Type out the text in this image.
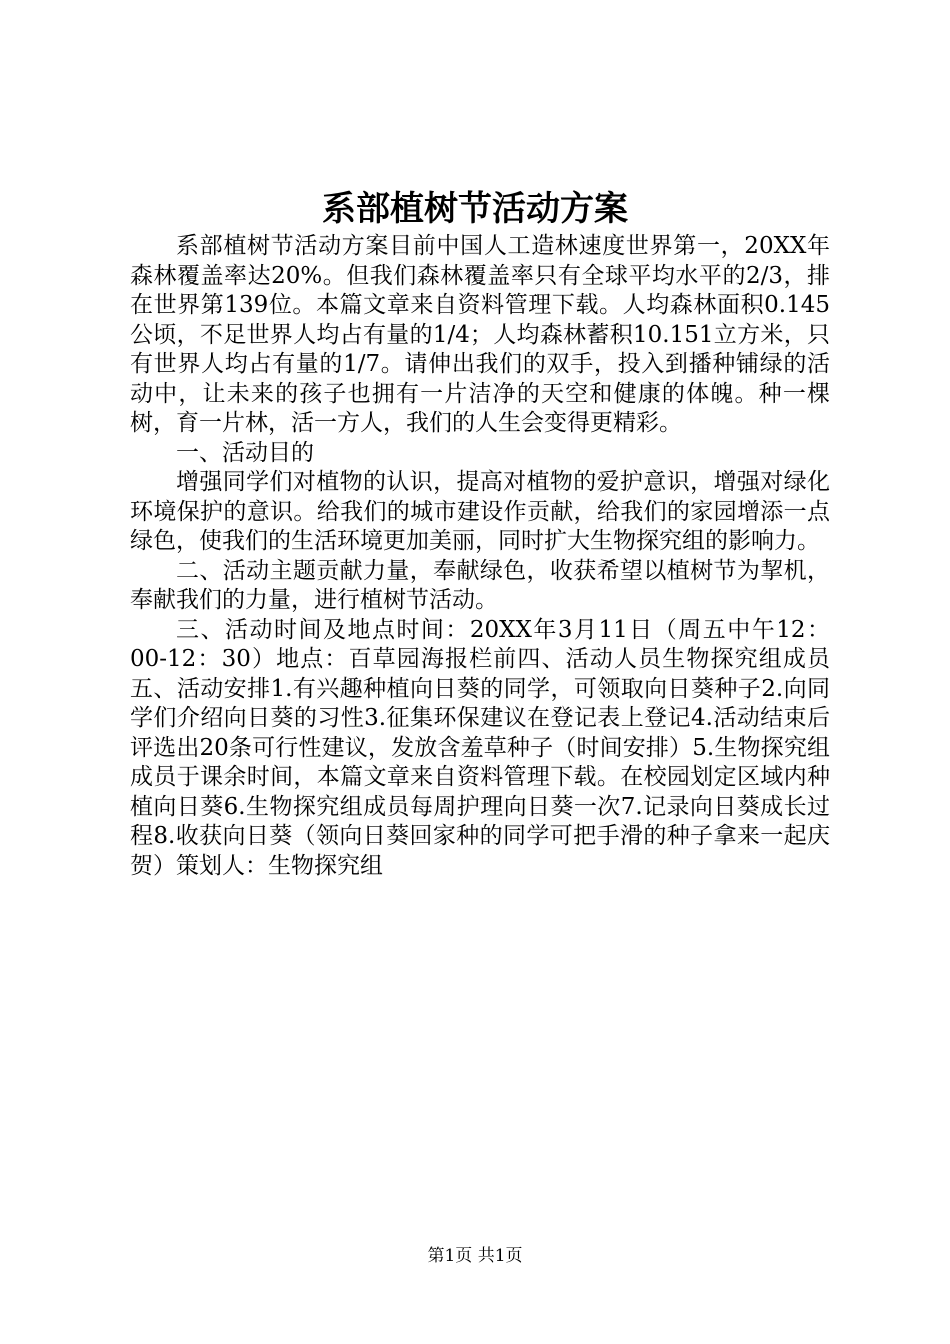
系部植树节活动方案

系部植树节活动方案目前中国人工造林速度世界第一，20XX年森林覆盖率达20%。但我们森林覆盖率只有全球平均水平的2/3，排在世界第139位。本篇文章来自资料管理下载。人均森林面积0.145公顷，不足世界人均占有量的1/4；人均森林蓄积10.151立方米，只有世界人均占有量的1/7。请伸出我们的双手，投入到播种铺绿的活动中，让未来的孩子也拥有一片洁净的天空和健康的体魄。种一棵树，育一片林，活一方人，我们的人生会变得更精彩。

一、活动目的

增强同学们对植物的认识，提高对植物的爱护意识，增强对绿化环境保护的意识。给我们的城市建设作贡献，给我们的家园增添一点绿色，使我们的生活环境更加美丽，同时扩大生物探究组的影响力。

二、活动主题贡献力量，奉献绿色，收获希望以植树节为挈机，奉献我们的力量，进行植树节活动。

三、活动时间及地点时间：20XX年3月11日（周五中午12：00-12：30）地点：百草园海报栏前四、活动人员生物探究组成员五、活动安排1.有兴趣种植向日葵的同学，可领取向日葵种子2.向同学们介绍向日葵的习性3.征集环保建议在登记表上登记4.活动结束后评选出20条可行性建议，发放含羞草种子（时间安排）5.生物探究组成员于课余时间，本篇文章来自资料管理下载。在校园划定区域内种植向日葵6.生物探究组成员每周护理向日葵一次7.记录向日葵成长过程8.收获向日葵（领向日葵回家种的同学可把手滑的种子拿来一起庆贺）策划人：生物探究组

第1页 共1页
